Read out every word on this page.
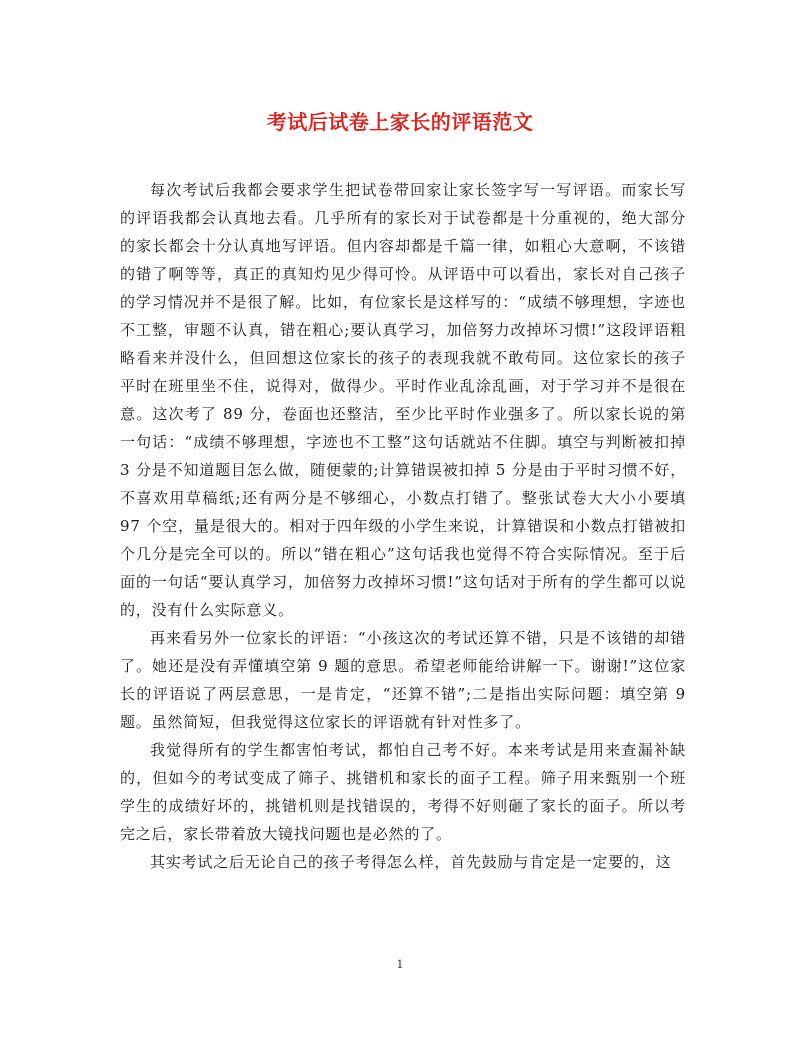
考试后试卷上家长的评语范文

每次考试后我都会要求学生把试卷带回家让家长签字写一写评语。而家长写的评语我都会认真地去看。几乎所有的家长对于试卷都是十分重视的，绝大部分的家长都会十分认真地写评语。但内容却都是千篇一律，如粗心大意啊，不该错的错了啊等等，真正的真知灼见少得可怜。从评语中可以看出，家长对自己孩子的学习情况并不是很了解。比如，有位家长是这样写的：“成绩不够理想，字迹也不工整，审题不认真，错在粗心;要认真学习，加倍努力改掉坏习惯!”这段评语粗略看来并没什么，但回想这位家长的孩子的表现我就不敢苟同。这位家长的孩子平时在班里坐不住，说得对，做得少。平时作业乱涂乱画，对于学习并不是很在意。这次考了 89 分，卷面也还整洁，至少比平时作业强多了。所以家长说的第一句话：“成绩不够理想，字迹也不工整”这句话就站不住脚。填空与判断被扣掉 3 分是不知道题目怎么做，随便蒙的;计算错误被扣掉 5 分是由于平时习惯不好，不喜欢用草稿纸;还有两分是不够细心，小数点打错了。整张试卷大大小小要填 97 个空，量是很大的。相对于四年级的小学生来说，计算错误和小数点打错被扣个几分是完全可以的。所以“错在粗心”这句话我也觉得不符合实际情况。至于后面的一句话“要认真学习，加倍努力改掉坏习惯!”这句话对于所有的学生都可以说的，没有什么实际意义。

再来看另外一位家长的评语：“小孩这次的考试还算不错，只是不该错的却错了。她还是没有弄懂填空第 9 题的意思。希望老师能给讲解一下。谢谢!”这位家长的评语说了两层意思，一是肯定，“还算不错”;二是指出实际问题：填空第 9 题。虽然简短，但我觉得这位家长的评语就有针对性多了。

我觉得所有的学生都害怕考试，都怕自己考不好。本来考试是用来查漏补缺的，但如今的考试变成了筛子、挑错机和家长的面子工程。筛子用来甄别一个班学生的成绩好坏的，挑错机则是找错误的，考得不好则砸了家长的面子。所以考完之后，家长带着放大镜找问题也是必然的了。

其实考试之后无论自己的孩子考得怎么样，首先鼓励与肯定是一定要的，这

1
